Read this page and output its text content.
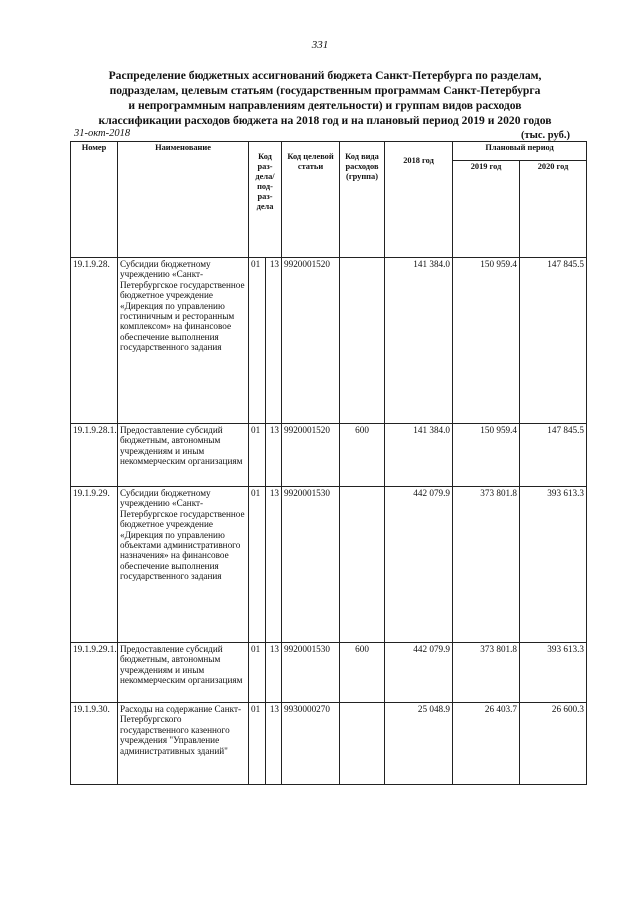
331
Распределение бюджетных ассигнований бюджета Санкт-Петербурга по разделам,
подразделам, целевым статьям (государственным программам Санкт-Петербурга
и непрограммным направлениям деятельности) и группам видов расходов
классификации расходов бюджета на 2018 год и на плановый период 2019 и 2020 годов
31-окт-2018	(тыс. руб.)
Номер	Наименование	Код раз-дела/ под-раз-дела		Код целевой статьи	Код вида расходов (группа)	2018 год	Плановый период	
							2019 год	2020 год
19.1.9.28.	Субсидии бюджетному учреждению «Санкт-Петербургское государственное бюджетное учреждение «Дирекция по управлению гостиничным и ресторанным комплексом» на финансовое обеспечение выполнения государственного задания	01	13	9920001520		141 384.0	150 959.4	147 845.5
19.1.9.28.1.	Предоставление субсидий бюджетным, автономным учреждениям и иным некоммерческим организациям	01	13	9920001520	600	141 384.0	150 959.4	147 845.5
19.1.9.29.	Субсидии бюджетному учреждению «Санкт-Петербургское государственное бюджетное учреждение «Дирекция по управлению объектами административного назначения» на финансовое обеспечение выполнения государственного задания	01	13	9920001530		442 079.9	373 801.8	393 613.3
19.1.9.29.1.	Предоставление субсидий бюджетным, автономным учреждениям и иным некоммерческим организациям	01	13	9920001530	600	442 079.9	373 801.8	393 613.3
19.1.9.30.	Расходы на содержание Санкт-Петербургского государственного казенного учреждения "Управление административных зданий"	01	13	9930000270		25 048.9	26 403.7	26 600.3
